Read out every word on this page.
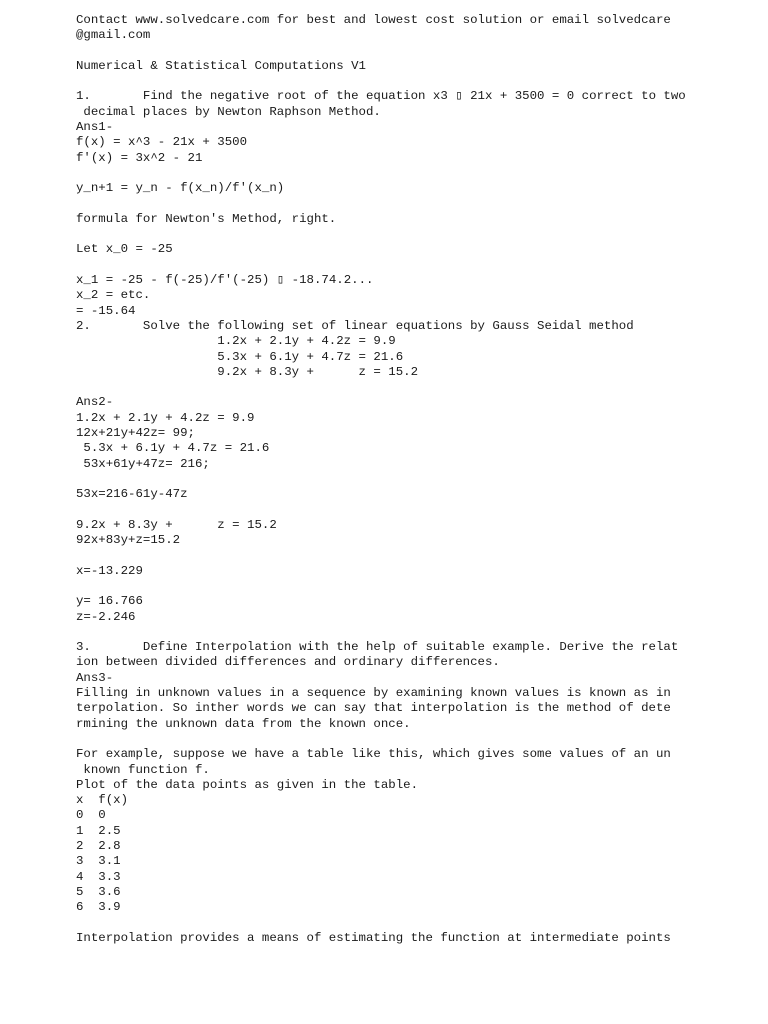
Contact www.solvedcare.com for best and lowest cost solution or email solvedcare
@gmail.com
Numerical & Statistical Computations V1
1.       Find the negative root of the equation x3 ▯ 21x + 3500 = 0 correct to two
decimal places by Newton Raphson Method.
Ans1-
f(x) = x^3 - 21x + 3500
f'(x) = 3x^2 - 21
y_n+1 = y_n - f(x_n)/f'(x_n)
formula for Newton's Method, right.
Let x_0 = -25
x_1 = -25 - f(-25)/f'(-25) ▯ -18.74.2...
x_2 = etc.
= -15.64
2.       Solve the following set of linear equations by Gauss Seidal method
1.2x + 2.1y + 4.2z = 9.9
5.3x + 6.1y + 4.7z = 21.6
9.2x + 8.3y +      z = 15.2
Ans2-
1.2x + 2.1y + 4.2z = 9.9
12x+21y+42z= 99;
5.3x + 6.1y + 4.7z = 21.6
53x+61y+47z= 216;
53x=216-61y-47z
9.2x + 8.3y +      z = 15.2
92x+83y+z=15.2
x=-13.229
y= 16.766
z=-2.246
3.       Define Interpolation with the help of suitable example. Derive the relat
ion between divided differences and ordinary differences.
Ans3-
Filling in unknown values in a sequence by examining known values is known as in
terpolation. So inther words we can say that interpolation is the method of dete
rmining the unknown data from the known once.
For example, suppose we have a table like this, which gives some values of an un
known function f.
Plot of the data points as given in the table.
x  f(x)
0  0
1  2.5
2  2.8
3  3.1
4  3.3
5  3.6
6  3.9
Interpolation provides a means of estimating the function at intermediate points
